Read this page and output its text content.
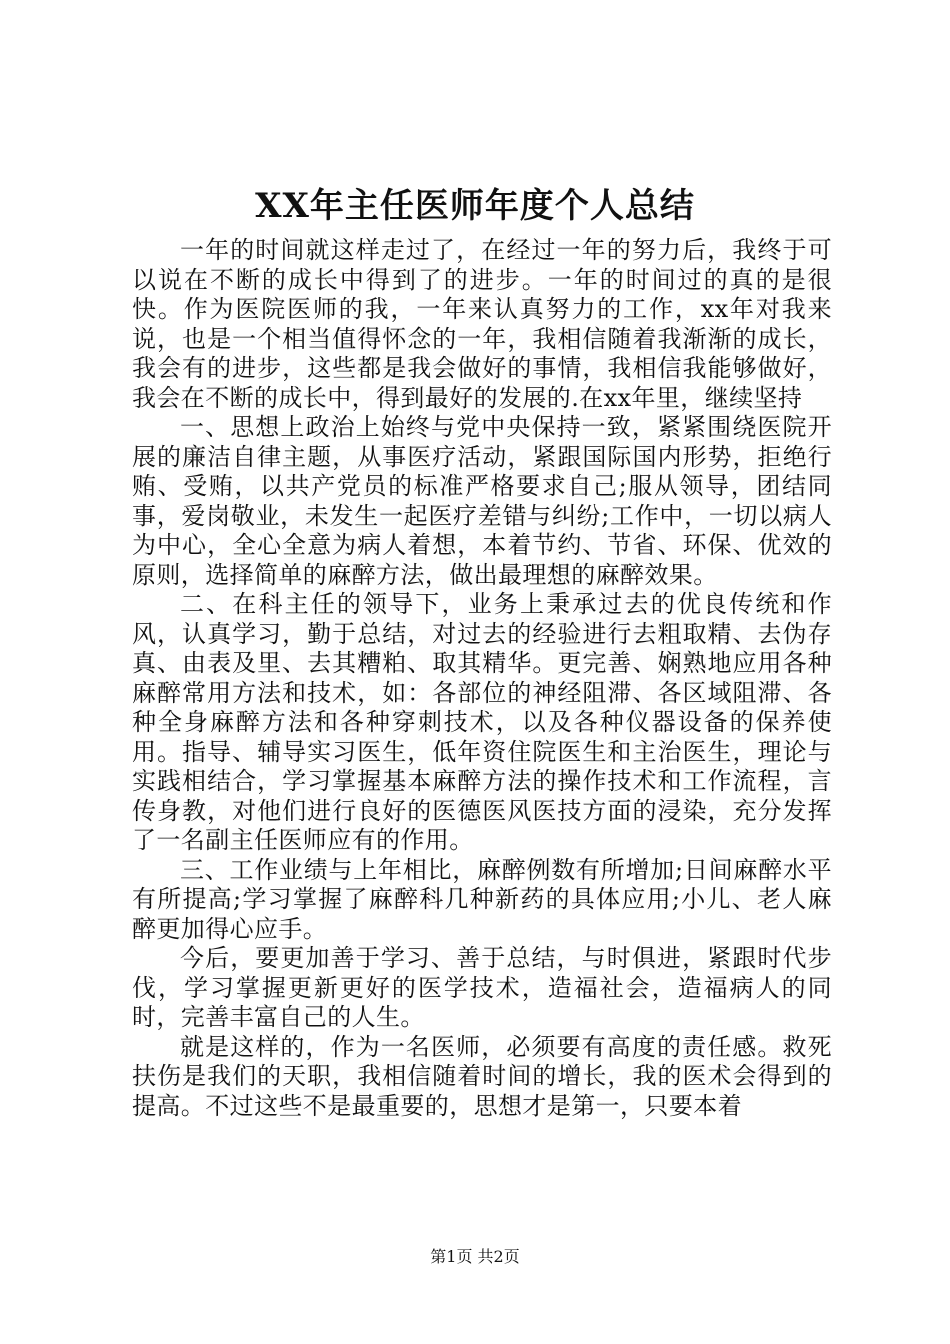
XX年主任医师年度个人总结

一年的时间就这样走过了，在经过一年的努力后，我终于可以说在不断的成长中得到了的进步。一年的时间过的真的是很快。作为医院医师的我，一年来认真努力的工作，xx年对我来说，也是一个相当值得怀念的一年，我相信随着我渐渐的成长，我会有的进步，这些都是我会做好的事情，我相信我能够做好，我会在不断的成长中，得到最好的发展的.在xx年里，继续坚持

一、思想上政治上始终与党中央保持一致，紧紧围绕医院开展的廉洁自律主题，从事医疗活动，紧跟国际国内形势，拒绝行贿、受贿，以共产党员的标准严格要求自己;服从领导，团结同事，爱岗敬业，未发生一起医疗差错与纠纷;工作中，一切以病人为中心，全心全意为病人着想，本着节约、节省、环保、优效的原则，选择简单的麻醉方法，做出最理想的麻醉效果。

二、在科主任的领导下，业务上秉承过去的优良传统和作风，认真学习，勤于总结，对过去的经验进行去粗取精、去伪存真、由表及里、去其糟粕、取其精华。更完善、娴熟地应用各种麻醉常用方法和技术，如：各部位的神经阻滞、各区域阻滞、各种全身麻醉方法和各种穿刺技术，以及各种仪器设备的保养使用。指导、辅导实习医生，低年资住院医生和主治医生，理论与实践相结合，学习掌握基本麻醉方法的操作技术和工作流程，言传身教，对他们进行良好的医德医风医技方面的浸染，充分发挥了一名副主任医师应有的作用。

三、工作业绩与上年相比，麻醉例数有所增加;日间麻醉水平有所提高;学习掌握了麻醉科几种新药的具体应用;小儿、老人麻醉更加得心应手。

今后，要更加善于学习、善于总结，与时俱进，紧跟时代步伐，学习掌握更新更好的医学技术，造福社会，造福病人的同时，完善丰富自己的人生。

就是这样的，作为一名医师，必须要有高度的责任感。救死扶伤是我们的天职，我相信随着时间的增长，我的医术会得到的提高。不过这些不是最重要的，思想才是第一，只要本着

第1页 共2页
